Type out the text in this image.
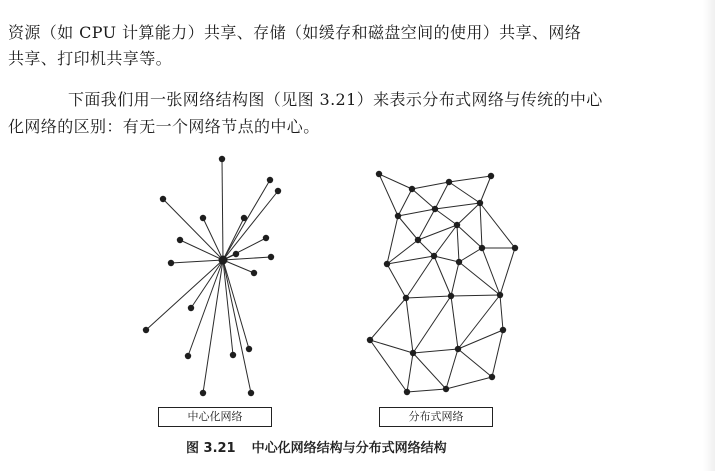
资源（如 CPU 计算能力）共享、存储（如缓存和磁盘空间的使用）共享、网络
共享、打印机共享等。
下面我们用一张网络结构图（见图 3.21）来表示分布式网络与传统的中心
化网络的区别：有无一个网络节点的中心。
中心化网络	分布式网络
图 3.21 中心化网络结构与分布式网络结构
